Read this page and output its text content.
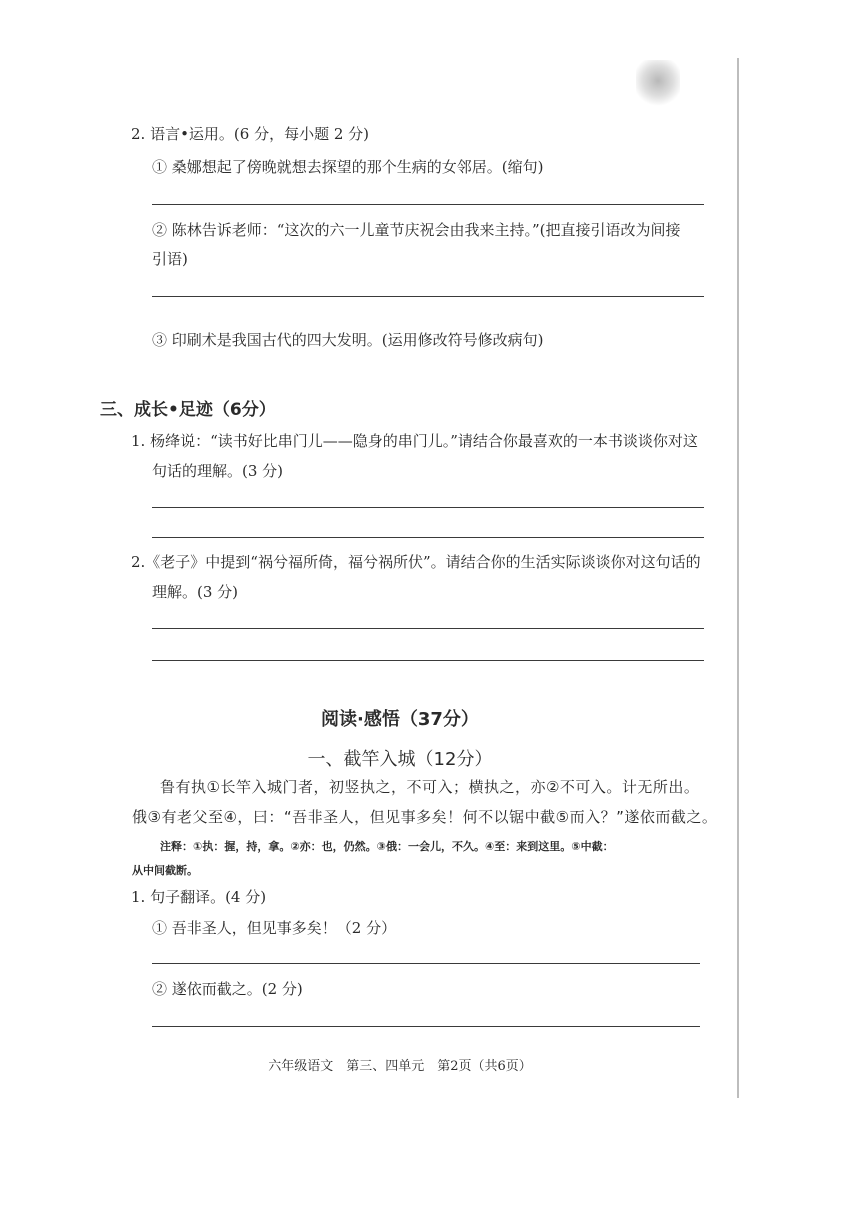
2. 语言•运用。(6 分，每小题 2 分)
① 桑娜想起了傍晚就想去探望的那个生病的女邻居。(缩句)
② 陈林告诉老师：“这次的六一儿童节庆祝会由我来主持。”(把直接引语改为间接
引语)
③ 印刷术是我国古代的四大发明。(运用修改符号修改病句)
三、成长•足迹（6分）
1. 杨绛说：“读书好比串门儿——隐身的串门儿。”请结合你最喜欢的一本书谈谈你对这
句话的理解。(3 分)
2.《老子》中提到“祸兮福所倚，福兮祸所伏”。请结合你的生活实际谈谈你对这句话的
理解。(3 分)
阅读·感悟（37分）
一、截竿入城（12分）
鲁有执①长竿入城门者，初竖执之，不可入；横执之，亦②不可入。计无所出。
俄③有老父至④，曰：“吾非圣人，但见事多矣！何不以锯中截⑤而入？”遂依而截之。
注释：①执：握，持，拿。②亦：也，仍然。③俄：一会儿，不久。④至：来到这里。⑤中截：
从中间截断。
1. 句子翻译。(4 分)
① 吾非圣人，但见事多矣！（2 分）
② 遂依而截之。(2 分)
六年级语文　第三、四单元　第2页（共6页）
